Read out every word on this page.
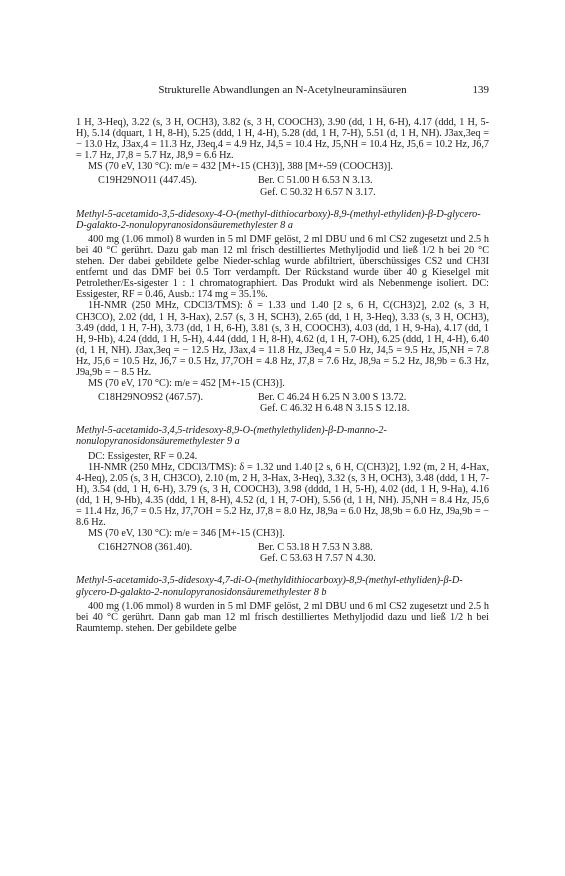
Strukturelle Abwandlungen an N-Acetylneuraminsäuren	139

1 H, 3-Heq), 3.22 (s, 3 H, OCH3), 3.82 (s, 3 H, COOCH3), 3.90 (dd, 1 H, 6-H), 4.17 (ddd, 1 H, 5-H), 5.14 (dquart, 1 H, 8-H), 5.25 (ddd, 1 H, 4-H), 5.28 (dd, 1 H, 7-H), 5.51 (d, 1 H, NH). J3ax,3eq = − 13.0 Hz, J3ax,4 = 11.3 Hz, J3eq,4 = 4.9 Hz, J4,5 = 10.4 Hz, J5,NH = 10.4 Hz, J5,6 = 10.2 Hz, J6,7 = 1.7 Hz, J7,8 = 5.7 Hz, J8,9 = 6.6 Hz.

MS (70 eV, 130 °C): m/e = 432 [M+-15 (CH3)], 388 [M+-59 (COOCH3)].

C19H29NO11 (447.45).	Ber. C 51.00 H 6.53 N 3.13.
Gef. C 50.32 H 6.57 N 3.17.

Methyl-5-acetamido-3,5-didesoxy-4-O-(methyl-dithiocarboxy)-8,9-(methyl-ethyliden)-β-D-glycero-D-galakto-2-nonulopyranosidonsäuremethylester 8 a

400 mg (1.06 mmol) 8 wurden in 5 ml DMF gelöst, 2 ml DBU und 6 ml CS2 zugesetzt und 2.5 h bei 40 °C gerührt. Dazu gab man 12 ml frisch destilliertes Methyljodid und ließ 1/2 h bei 20 °C stehen. Der dabei gebildete gelbe Nieder-schlag wurde abfiltriert, überschüssiges CS2 und CH3I entfernt und das DMF bei 0.5 Torr verdampft. Der Rückstand wurde über 40 g Kieselgel mit Petrolether/Es-sigester 1 : 1 chromatographiert. Das Produkt wird als Nebenmenge isoliert. DC: Essigester, RF = 0.46, Ausb.: 174 mg = 35.1%.

1H-NMR (250 MHz, CDCl3/TMS): δ = 1.33 und 1.40 [2 s, 6 H, C(CH3)2], 2.02 (s, 3 H, CH3CO), 2.02 (dd, 1 H, 3-Hax), 2.57 (s, 3 H, SCH3), 2.65 (dd, 1 H, 3-Heq), 3.33 (s, 3 H, OCH3), 3.49 (ddd, 1 H, 7-H), 3.73 (dd, 1 H, 6-H), 3.81 (s, 3 H, COOCH3), 4.03 (dd, 1 H, 9-Ha), 4.17 (dd, 1 H, 9-Hb), 4.24 (ddd, 1 H, 5-H), 4.44 (ddd, 1 H, 8-H), 4.62 (d, 1 H, 7-OH), 6.25 (ddd, 1 H, 4-H), 6.40 (d, 1 H, NH). J3ax,3eq = − 12.5 Hz, J3ax,4 = 11.8 Hz, J3eq,4 = 5.0 Hz, J4,5 = 9.5 Hz, J5,NH = 7.8 Hz, J5,6 = 10.5 Hz, J6,7 = 0.5 Hz, J7,7OH = 4.8 Hz, J7,8 = 7.6 Hz, J8,9a = 5.2 Hz, J8,9b = 6.3 Hz, J9a,9b = − 8.5 Hz.

MS (70 eV, 170 °C): m/e = 452 [M+-15 (CH3)].

C18H29NO9S2 (467.57).	Ber. C 46.24 H 6.25 N 3.00 S 13.72.
Gef. C 46.32 H 6.48 N 3.15 S 12.18.

Methyl-5-acetamido-3,4,5-tridesoxy-8,9-O-(methylethyliden)-β-D-manno-2-nonulopyranosidonsäuremethylester 9 a

DC: Essigester, RF = 0.24.

1H-NMR (250 MHz, CDCl3/TMS): δ = 1.32 und 1.40 [2 s, 6 H, C(CH3)2], 1.92 (m, 2 H, 4-Hax, 4-Heq), 2.05 (s, 3 H, CH3CO), 2.10 (m, 2 H, 3-Hax, 3-Heq), 3.32 (s, 3 H, OCH3), 3.48 (ddd, 1 H, 7-H), 3.54 (dd, 1 H, 6-H), 3.79 (s, 3 H, COOCH3), 3.98 (dddd, 1 H, 5-H), 4.02 (dd, 1 H, 9-Ha), 4.16 (dd, 1 H, 9-Hb), 4.35 (ddd, 1 H, 8-H), 4.52 (d, 1 H, 7-OH), 5.56 (d, 1 H, NH). J5,NH = 8.4 Hz, J5,6 = 11.4 Hz, J6,7 = 0.5 Hz, J7,7OH = 5.2 Hz, J7,8 = 8.0 Hz, J8,9a = 6.0 Hz, J8,9b = 6.0 Hz, J9a,9b = − 8.6 Hz.

MS (70 eV, 130 °C): m/e = 346 [M+-15 (CH3)].

C16H27NO8 (361.40).	Ber. C 53.18 H 7.53 N 3.88.
Gef. C 53.63 H 7.57 N 4.30.

Methyl-5-acetamido-3,5-didesoxy-4,7-di-O-(methyldithiocarboxy)-8,9-(methyl-ethyliden)-β-D-glycero-D-galakto-2-nonulopyranosidonsäuremethylester 8 b

400 mg (1.06 mmol) 8 wurden in 5 ml DMF gelöst, 2 ml DBU und 6 ml CS2 zugesetzt und 2.5 h bei 40 °C gerührt. Dann gab man 12 ml frisch destilliertes Methyljodid dazu und ließ 1/2 h bei Raumtemp. stehen. Der gebildete gelbe
